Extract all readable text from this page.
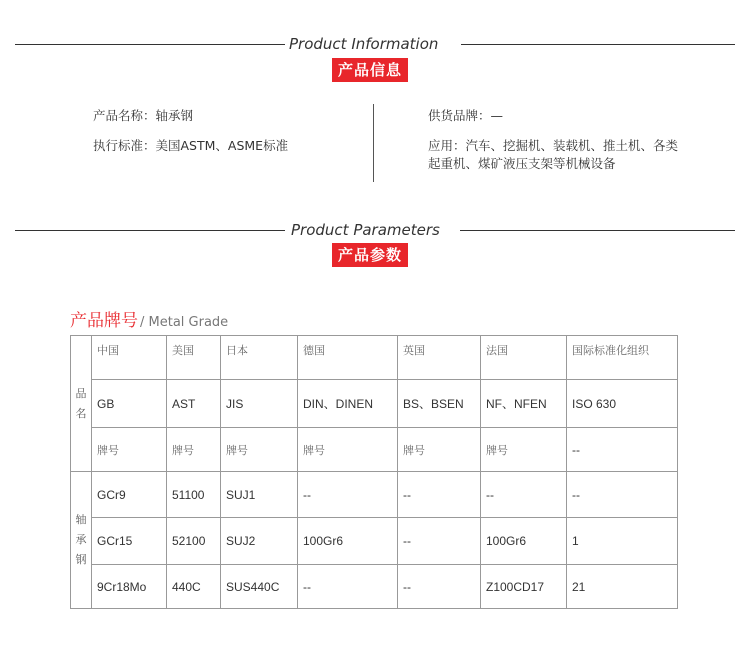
Product Information
产品信息
产品名称：轴承钢
执行标准：美国ASTM、ASME标准
供货品牌：—
应用：汽车、挖掘机、装载机、推土机、各类
起重机、煤矿液压支架等机械设备
Product Parameters
产品参数
产品牌号 / Metal Grade
品
名	中国	美国	日本	德国	英国	法国	国际标准化组织
	GB	AST	JIS	DIN、DINEN	BS、BSEN	NF、NFEN	ISO 630
	牌号	牌号	牌号	牌号	牌号	牌号	--
轴
承
钢	GCr9	51100	SUJ1	--	--	--	--
	GCr15	52100	SUJ2	100Gr6	--	100Gr6	1
	9Cr18Mo	440C	SUS440C	--	--	Z100CD17	21
